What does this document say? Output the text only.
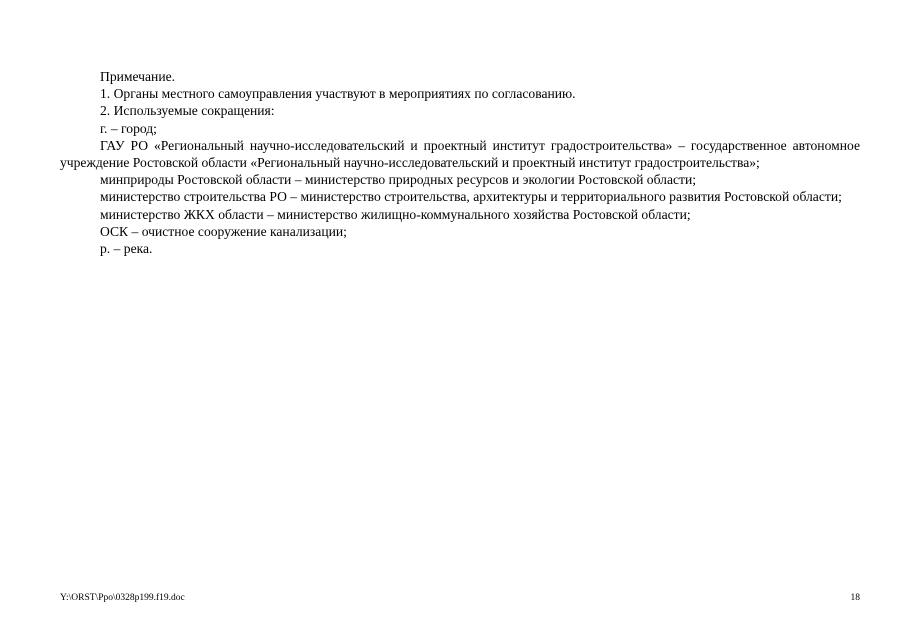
Примечание.

1. Органы местного самоуправления участвуют в мероприятиях по согласованию.

2. Используемые сокращения:

г. – город;

ГАУ РО «Региональный научно-исследовательский и проектный институт градостроительства» – государственное автономное учреждение Ростовской области «Региональный научно-исследовательский и проектный институт градостроительства»;

минприроды Ростовской области – министерство природных ресурсов и экологии Ростовской области;

министерство строительства РО – министерство строительства, архитектуры и территориального развития Ростовской области;

министерство ЖКХ области – министерство жилищно-коммунального хозяйства Ростовской области;

ОСК – очистное сооружение канализации;

р. – река.

Y:\ORST\Ppo\0328p199.f19.doc	18
